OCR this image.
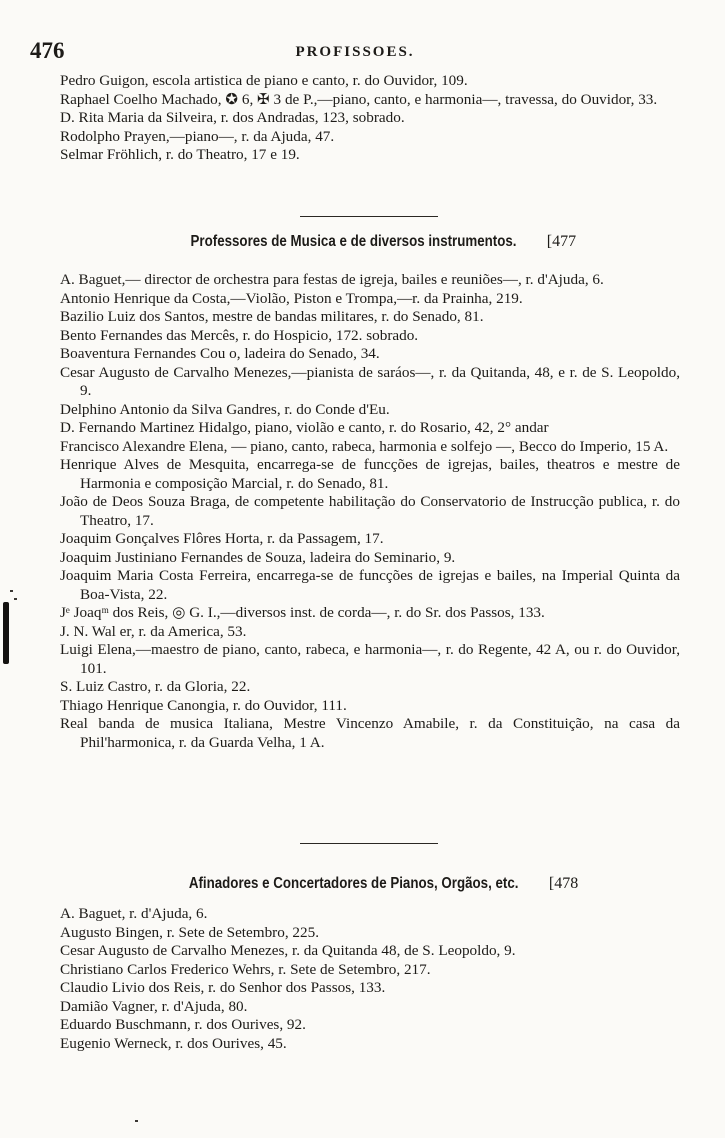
476	PROFISSOES.
Pedro Guigon, escola artistica de piano e canto, r. do Ouvidor, 109.
Raphael Coelho Machado, ✪ 6, ✠ 3 de P.,—piano, canto, e harmonia—, travessa, do Ouvidor, 33.
D. Rita Maria da Silveira, r. dos Andradas, 123, sobrado.
Rodolpho Prayen,—piano—, r. da Ajuda, 47.
Selmar Fröhlich, r. do Theatro, 17 e 19.
Professores de Musica e de diversos instrumentos. [477
A. Baguet,— director de orchestra para festas de igreja, bailes e reuniões—, r. d'Ajuda, 6.
Antonio Henrique da Costa,—Violão, Piston e Trompa,—r. da Prainha, 219.
Bazilio Luiz dos Santos, mestre de bandas militares, r. do Senado, 81.
Bento Fernandes das Mercês, r. do Hospicio, 172. sobrado.
Boaventura Fernandes Cou o, ladeira do Senado, 34.
Cesar Augusto de Carvalho Menezes,—pianista de saráos—, r. da Quitanda, 48, e r. de S. Leopoldo, 9.
Delphino Antonio da Silva Gandres, r. do Conde d'Eu.
D. Fernando Martinez Hidalgo, piano, violão e canto, r. do Rosario, 42, 2° andar
Francisco Alexandre Elena, — piano, canto, rabeca, harmonia e solfejo —, Becco do Imperio, 15 A.
Henrique Alves de Mesquita, encarrega-se de funcções de igrejas, bailes, theatros e mestre de Harmonia e composição Marcial, r. do Senado, 81.
João de Deos Souza Braga, de competente habilitação do Conservatorio de Instrucção publica, r. do Theatro, 17.
Joaquim Gonçalves Flôres Horta, r. da Passagem, 17.
Joaquim Justiniano Fernandes de Souza, ladeira do Seminario, 9.
Joaquim Maria Costa Ferreira, encarrega-se de funcções de igrejas e bailes, na Imperial Quinta da Boa-Vista, 22.
Jᵉ Joaqᵐ dos Reis, ◎ G. I.,—diversos inst. de corda—, r. do Sr. dos Passos, 133.
J. N. Wal er, r. da America, 53.
Luigi Elena,—maestro de piano, canto, rabeca, e harmonia—, r. do Regente, 42 A, ou r. do Ouvidor, 101.
S. Luiz Castro, r. da Gloria, 22.
Thiago Henrique Canongia, r. do Ouvidor, 111.
Real banda de musica Italiana, Mestre Vincenzo Amabile, r. da Constituição, na casa da Phil'harmonica, r. da Guarda Velha, 1 A.
Afinadores e Concertadores de Pianos, Orgãos, etc. [478
A. Baguet, r. d'Ajuda, 6.
Augusto Bingen, r. Sete de Setembro, 225.
Cesar Augusto de Carvalho Menezes, r. da Quitanda 48, de S. Leopoldo, 9.
Christiano Carlos Frederico Wehrs, r. Sete de Setembro, 217.
Claudio Livio dos Reis, r. do Senhor dos Passos, 133.
Damião Vagner, r. d'Ajuda, 80.
Eduardo Buschmann, r. dos Ourives, 92.
Eugenio Werneck, r. dos Ourives, 45.
